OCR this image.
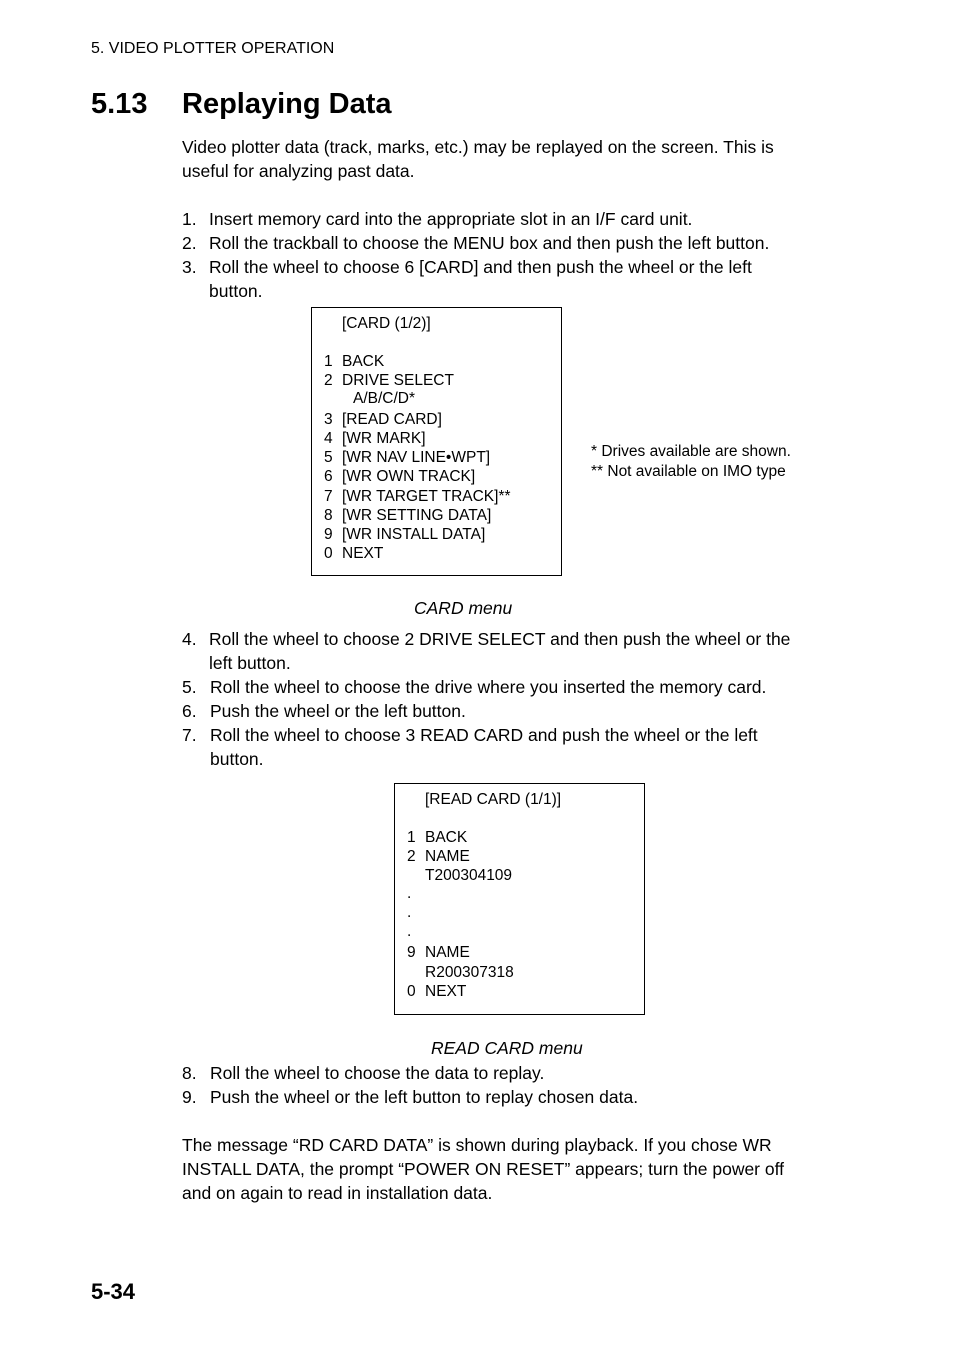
5. VIDEO PLOTTER OPERATION
5.13 Replaying Data
Video plotter data (track, marks, etc.) may be replayed on the screen. This is
useful for analyzing past data.
1. Insert memory card into the appropriate slot in an I/F card unit.
2. Roll the trackball to choose the MENU box and then push the left button.
3. Roll the wheel to choose 6 [CARD] and then push the wheel or the left
button.
[CARD (1/2)]
1 BACK
2 DRIVE SELECT
A/B/C/D*
3 [READ CARD]
4 [WR MARK]
5 [WR NAV LINE•WPT]
6 [WR OWN TRACK]
7 [WR TARGET TRACK]**
8 [WR SETTING DATA]
9 [WR INSTALL DATA]
0 NEXT
* Drives available are shown.
** Not available on IMO type
CARD menu
4. Roll the wheel to choose 2 DRIVE SELECT and then push the wheel or the
left button.
5. Roll the wheel to choose the drive where you inserted the memory card.
6. Push the wheel or the left button.
7. Roll the wheel to choose 3 READ CARD and push the wheel or the left
button.
[READ CARD (1/1)]
1 BACK
2 NAME
T200304109
.
.
.
9 NAME
R200307318
0 NEXT
READ CARD menu
8. Roll the wheel to choose the data to replay.
9. Push the wheel or the left button to replay chosen data.
The message “RD CARD DATA” is shown during playback. If you chose WR
INSTALL DATA, the prompt “POWER ON RESET” appears; turn the power off
and on again to read in installation data.
5-34
